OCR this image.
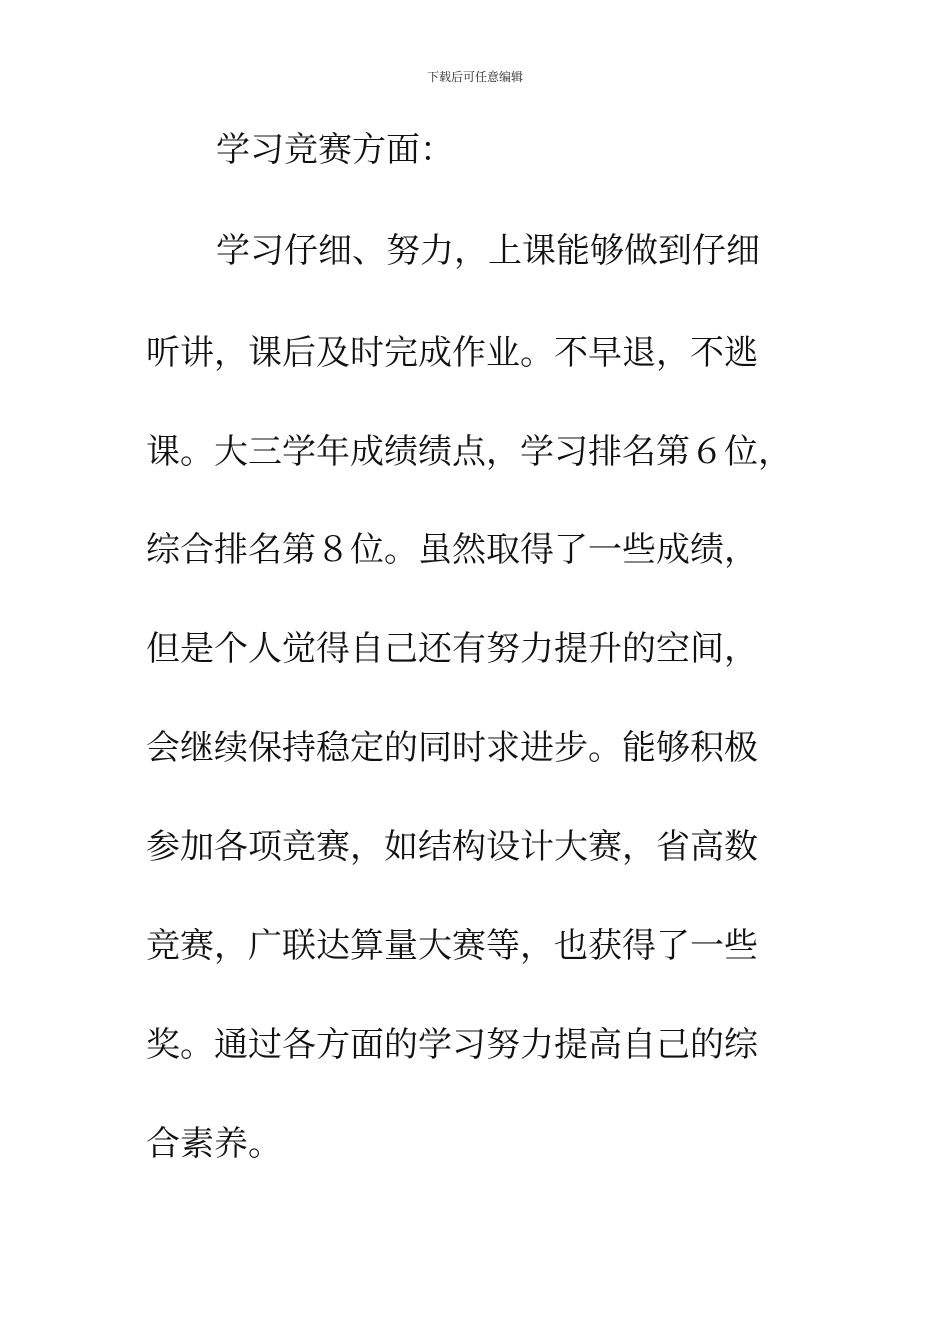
下载后可任意编辑
学习竞赛方面：
学习仔细、努力，上课能够做到仔细
听讲，课后及时完成作业。不早退，不逃
课。大三学年成绩绩点，学习排名第６位，
综合排名第８位。虽然取得了一些成绩，
但是个人觉得自己还有努力提升的空间，
会继续保持稳定的同时求进步。能够积极
参加各项竞赛，如结构设计大赛，省高数
竞赛，广联达算量大赛等，也获得了一些
奖。通过各方面的学习努力提高自己的综
合素养。
